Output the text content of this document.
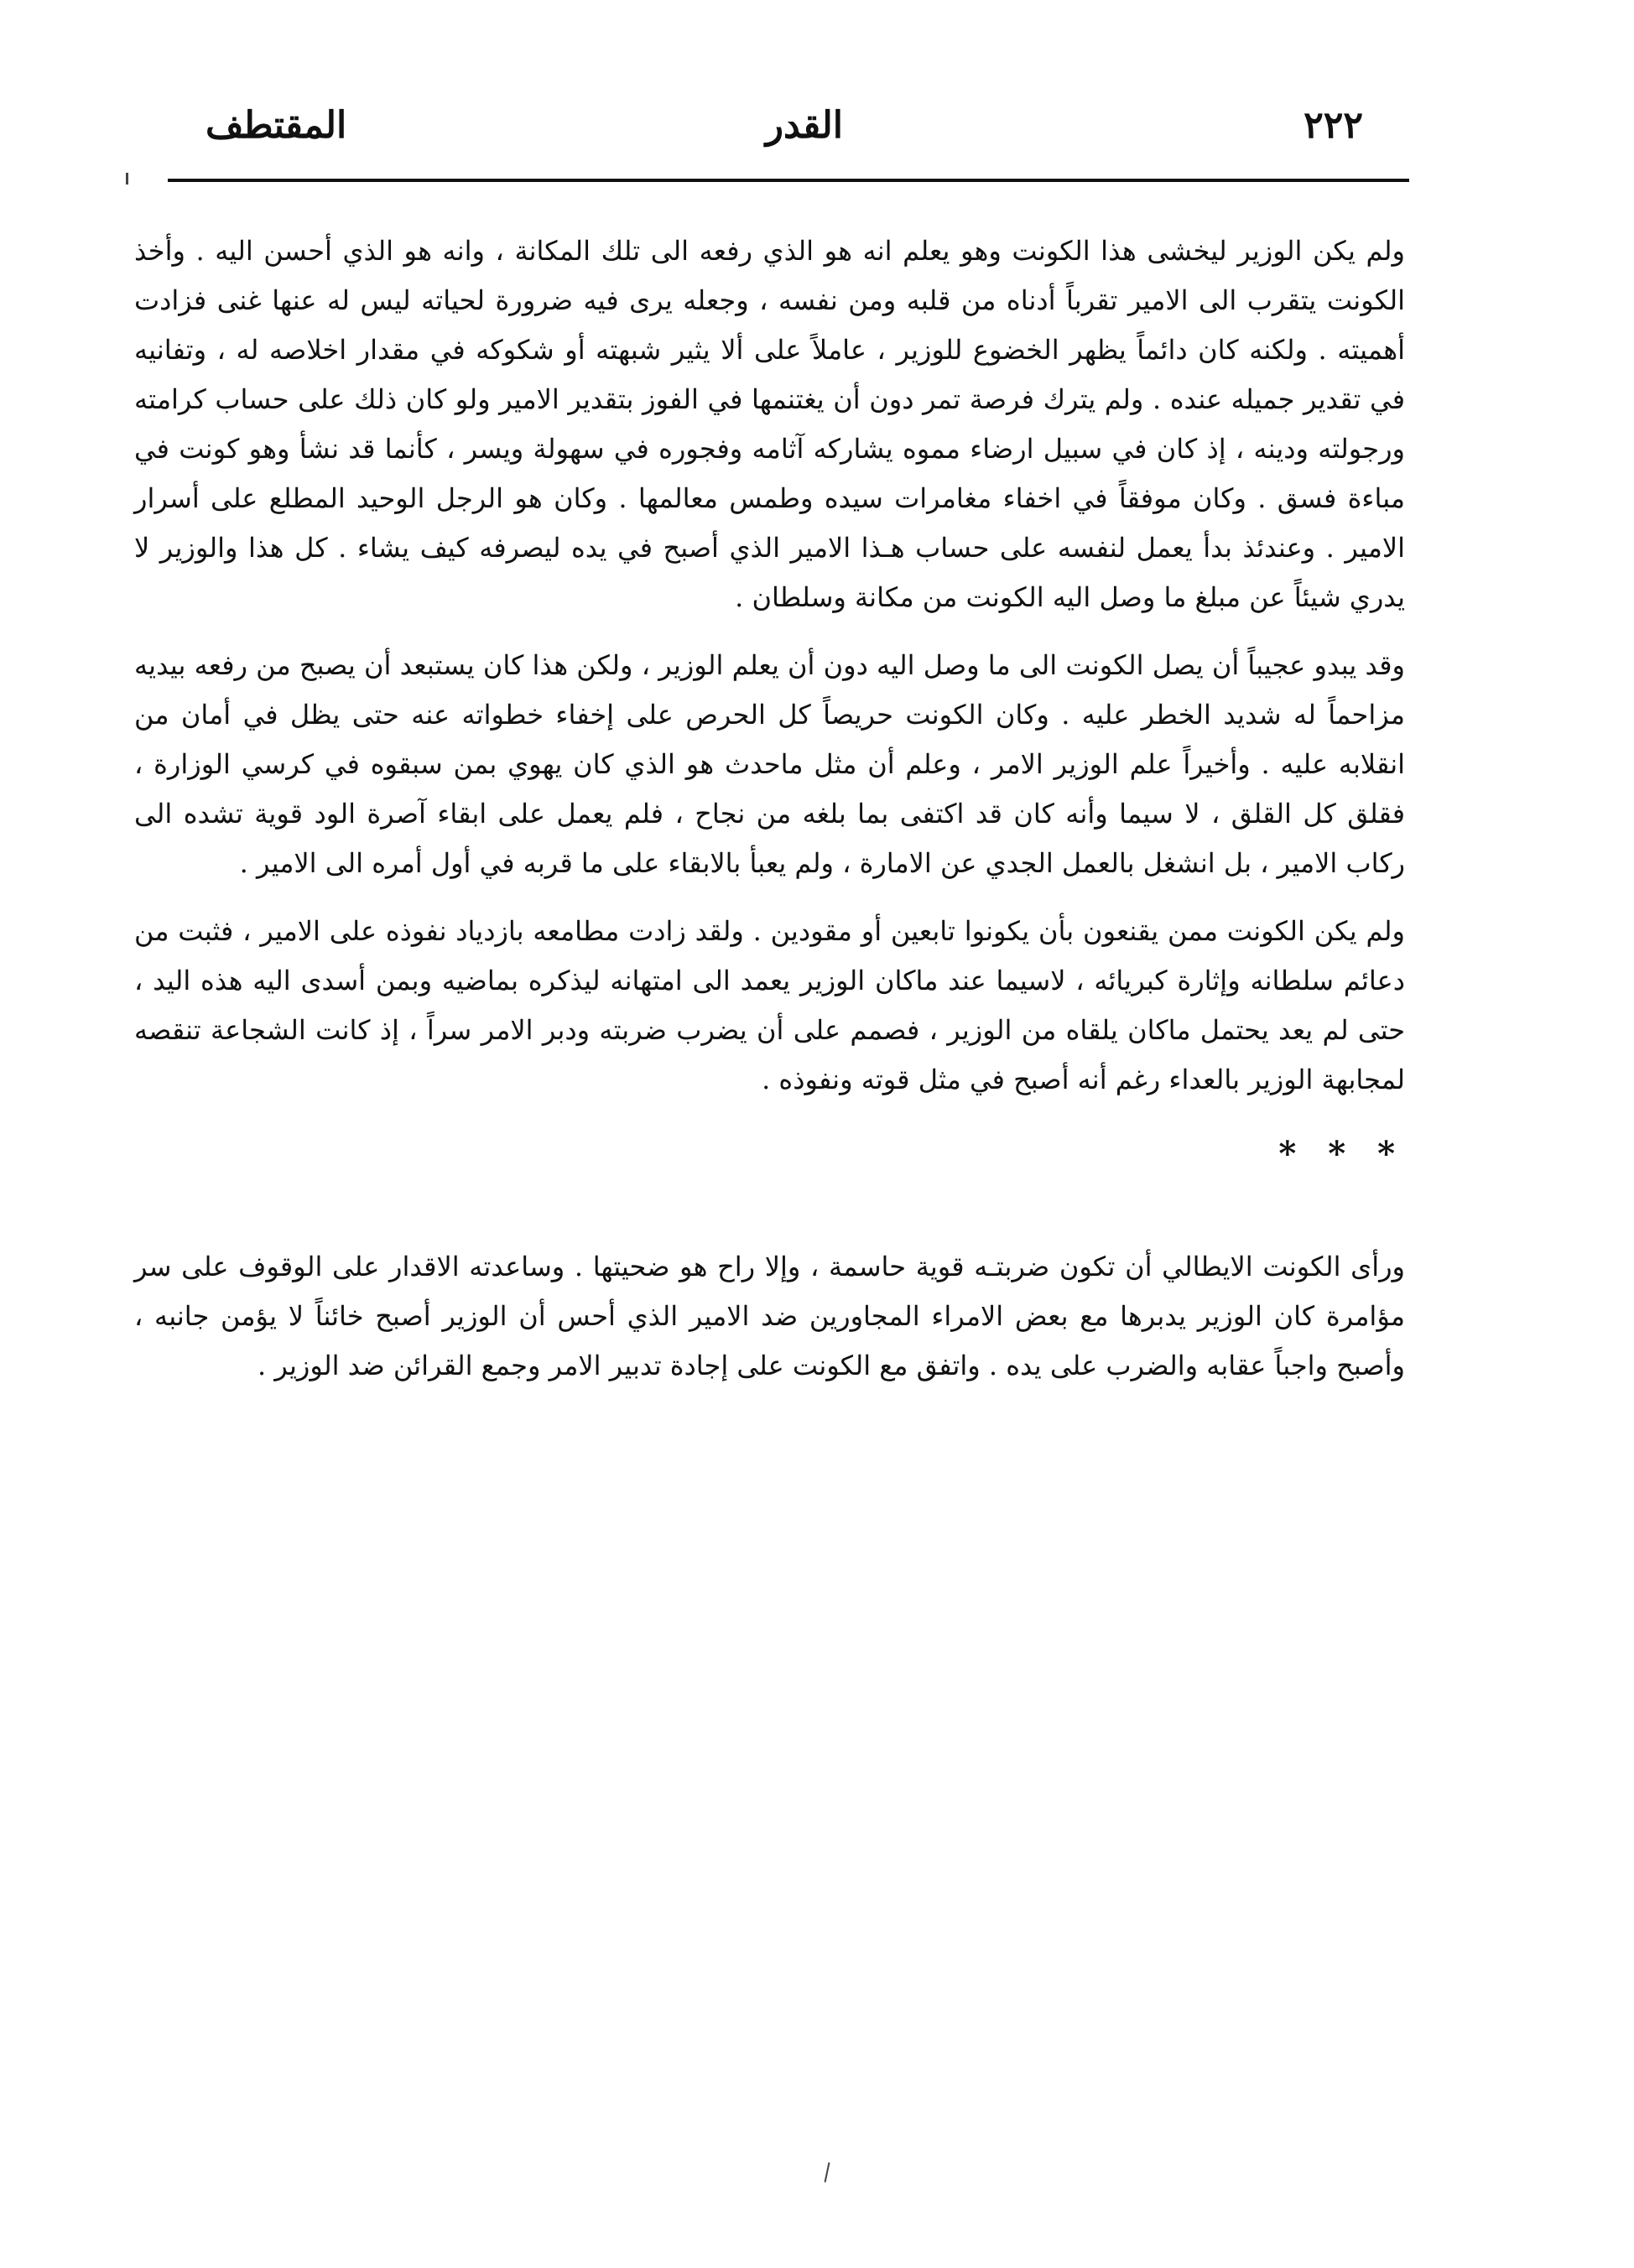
٢٢٢
القدر
المقتطف

ولم يكن الوزير ليخشى هذا الكونت وهو يعلم انه هو الذي رفعه الى تلك المكانة ، وانه هو الذي أحسن اليه . وأخذ الكونت يتقرب الى الامير تقرباً أدناه من قلبه ومن نفسه ، وجعله يرى فيه ضرورة لحياته ليس له عنها غنى فزادت أهميته . ولكنه كان دائماً يظهر الخضوع للوزير ، عاملاً على ألا يثير شبهته أو شكوكه في مقدار اخلاصه له ، وتفانيه في تقدير جميله عنده . ولم يترك فرصة تمر دون أن يغتنمها في الفوز بتقدير الامير ولو كان ذلك على حساب كرامته ورجولته ودينه ، إذ كان في سبيل ارضاء مموه يشاركه آثامه وفجوره في سهولة ويسر ، كأنما قد نشأ وهو كونت في مباءة فسق . وكان موفقاً في اخفاء مغامرات سيده وطمس معالمها . وكان هو الرجل الوحيد المطلع على أسرار الامير . وعندئذ بدأ يعمل لنفسه على حساب هـذا الامير الذي أصبح في يده ليصرفه كيف يشاء . كل هذا والوزير لا يدري شيئاً عن مبلغ ما وصل اليه الكونت من مكانة وسلطان .

وقد يبدو عجيباً أن يصل الكونت الى ما وصل اليه دون أن يعلم الوزير ، ولكن هذا كان يستبعد أن يصبح من رفعه بيديه مزاحماً له شديد الخطر عليه . وكان الكونت حريصاً كل الحرص على إخفاء خطواته عنه حتى يظل في أمان من انقلابه عليه . وأخيراً علم الوزير الامر ، وعلم أن مثل ماحدث هو الذي كان يهوي بمن سبقوه في كرسي الوزارة ، فقلق كل القلق ، لا سيما وأنه كان قد اكتفى بما بلغه من نجاح ، فلم يعمل على ابقاء آصرة الود قوية تشده الى ركاب الامير ، بل انشغل بالعمل الجدي عن الامارة ، ولم يعبأ بالابقاء على ما قربه في أول أمره الى الامير .

ولم يكن الكونت ممن يقنعون بأن يكونوا تابعين أو مقودين . ولقد زادت مطامعه بازدياد نفوذه على الامير ، فثبت من دعائم سلطانه وإثارة كبريائه ، لاسيما عند ماكان الوزير يعمد الى امتهانه ليذكره بماضيه وبمن أسدى اليه هذه اليد ، حتى لم يعد يحتمل ماكان يلقاه من الوزير ، فصمم على أن يضرب ضربته ودبر الامر سراً ، إذ كانت الشجاعة تنقصه لمجابهة الوزير بالعداء رغم أنه أصبح في مثل قوته ونفوذه .

* * *

ورأى الكونت الايطالي أن تكون ضربتـه قوية حاسمة ، وإلا راح هو ضحيتها . وساعدته الاقدار على الوقوف على سر مؤامرة كان الوزير يدبرها مع بعض الامراء المجاورين ضد الامير الذي أحس أن الوزير أصبح خائناً لا يؤمن جانبه ، وأصبح واجباً عقابه والضرب على يده . واتفق مع الكونت على إجادة تدبير الامر وجمع القرائن ضد الوزير .
